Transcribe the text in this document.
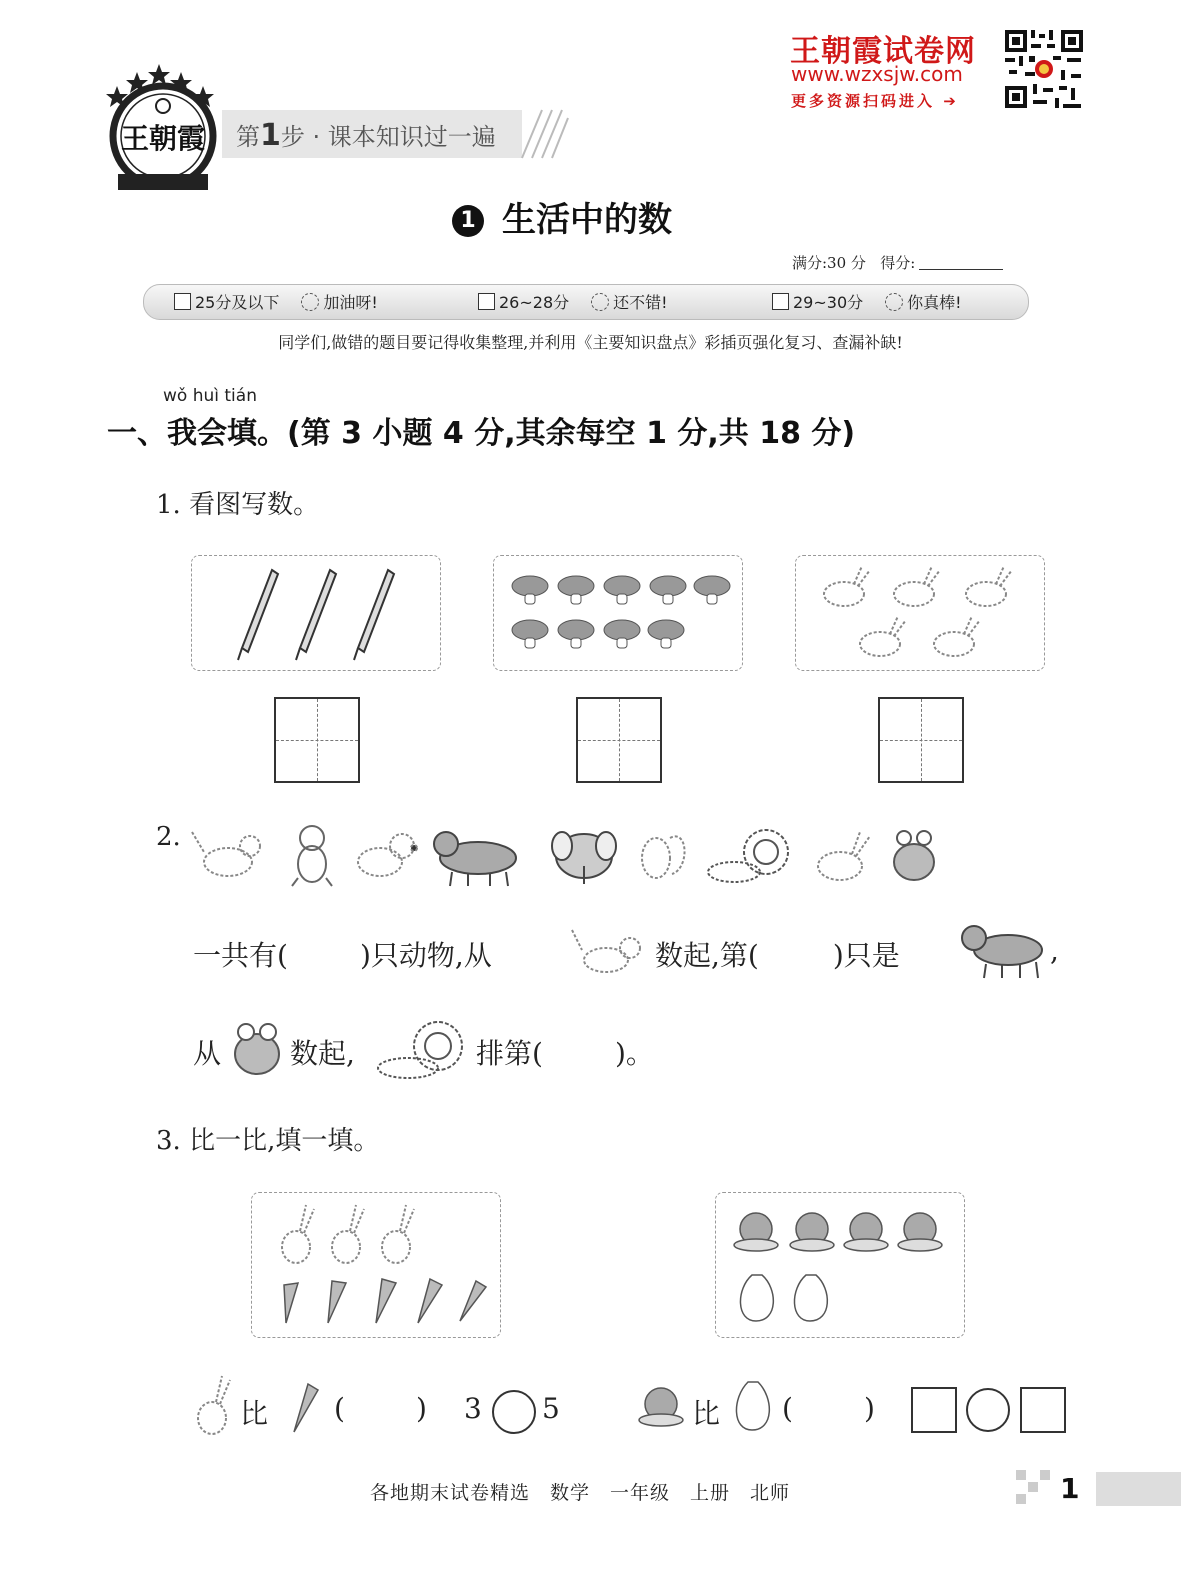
王朝霞试卷网
www.wzxsjw.com
更多资源扫码进入 ➔
王朝霞 第1步 · 课本知识过一遍
1 生活中的数
满分:30 分 得分:
25分及以下	加油呀!	26~28分	还不错!	29~30分	你真棒!
同学们,做错的题目要记得收集整理,并利用《主要知识盘点》彩插页强化复习、查漏补缺!
wǒ huì tián
一、我会填。(第 3 小题 4 分,其余每空 1 分,共 18 分)
1. 看图写数。
2.
一共有(	)只动物,从	数起,第(	)只是	,
从 数起,	排第(	)。
3. 比一比,填一填。
比 (	) 3 5	比 (	)
各地期末试卷精选　数学　一年级　上册　北师	1
